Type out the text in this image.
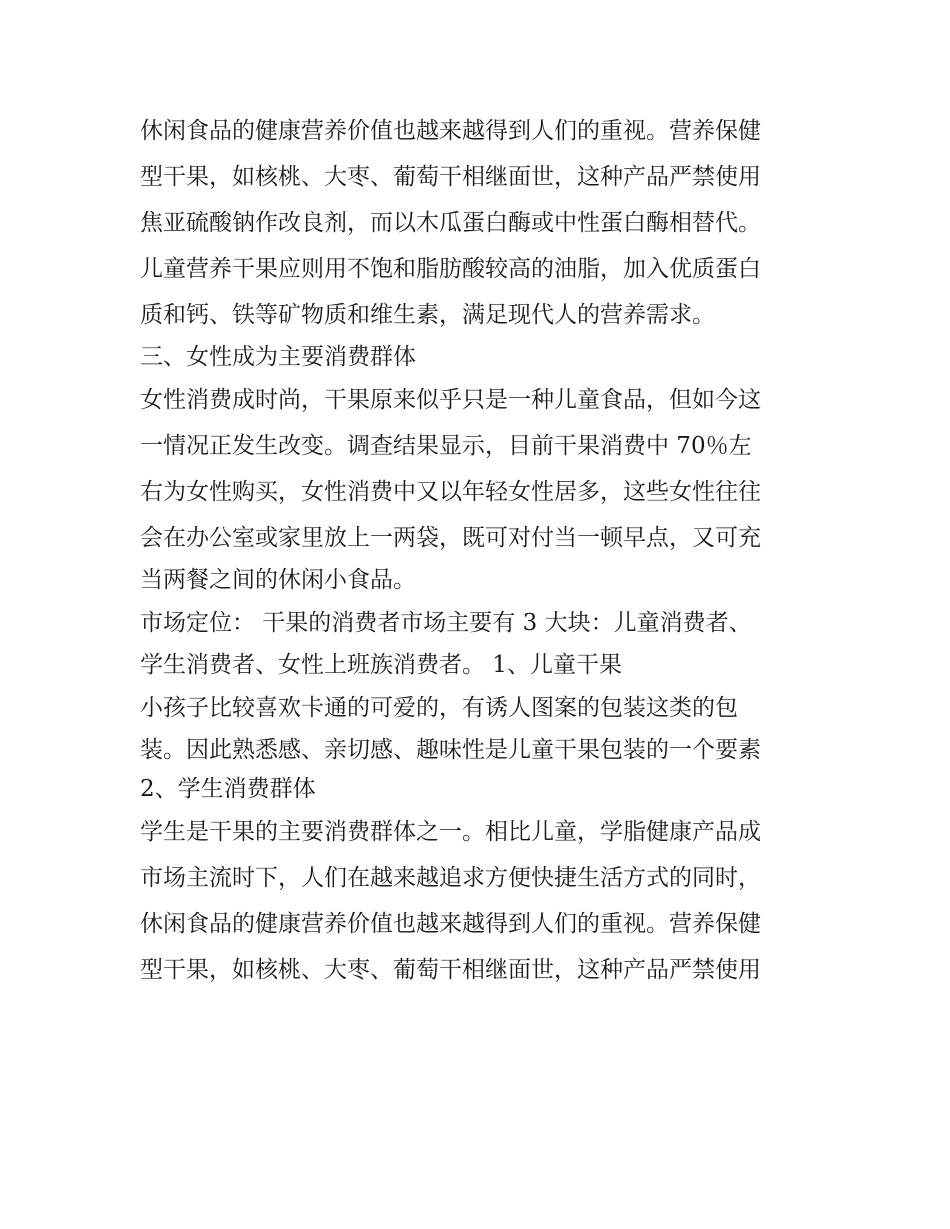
休闲食品的健康营养价值也越来越得到人们的重视。营养保健
型干果，如核桃、大枣、葡萄干相继面世，这种产品严禁使用
焦亚硫酸钠作改良剂，而以木瓜蛋白酶或中性蛋白酶相替代。
儿童营养干果应则用不饱和脂肪酸较高的油脂，加入优质蛋白
质和钙、铁等矿物质和维生素，满足现代人的营养需求。
三、女性成为主要消费群体
女性消费成时尚，干果原来似乎只是一种儿童食品，但如今这
一情况正发生改变。调查结果显示，目前干果消费中 70％左
右为女性购买，女性消费中又以年轻女性居多，这些女性往往
会在办公室或家里放上一两袋，既可对付当一顿早点，又可充
当两餐之间的休闲小食品。
市场定位： 干果的消费者市场主要有 3 大块：儿童消费者、
学生消费者、女性上班族消费者。 1、儿童干果
小孩子比较喜欢卡通的可爱的，有诱人图案的包装这类的包
装。因此熟悉感、亲切感、趣味性是儿童干果包装的一个要素
2、学生消费群体
学生是干果的主要消费群体之一。相比儿童，学脂健康产品成
市场主流时下，人们在越来越追求方便快捷生活方式的同时，
休闲食品的健康营养价值也越来越得到人们的重视。营养保健
型干果，如核桃、大枣、葡萄干相继面世，这种产品严禁使用
